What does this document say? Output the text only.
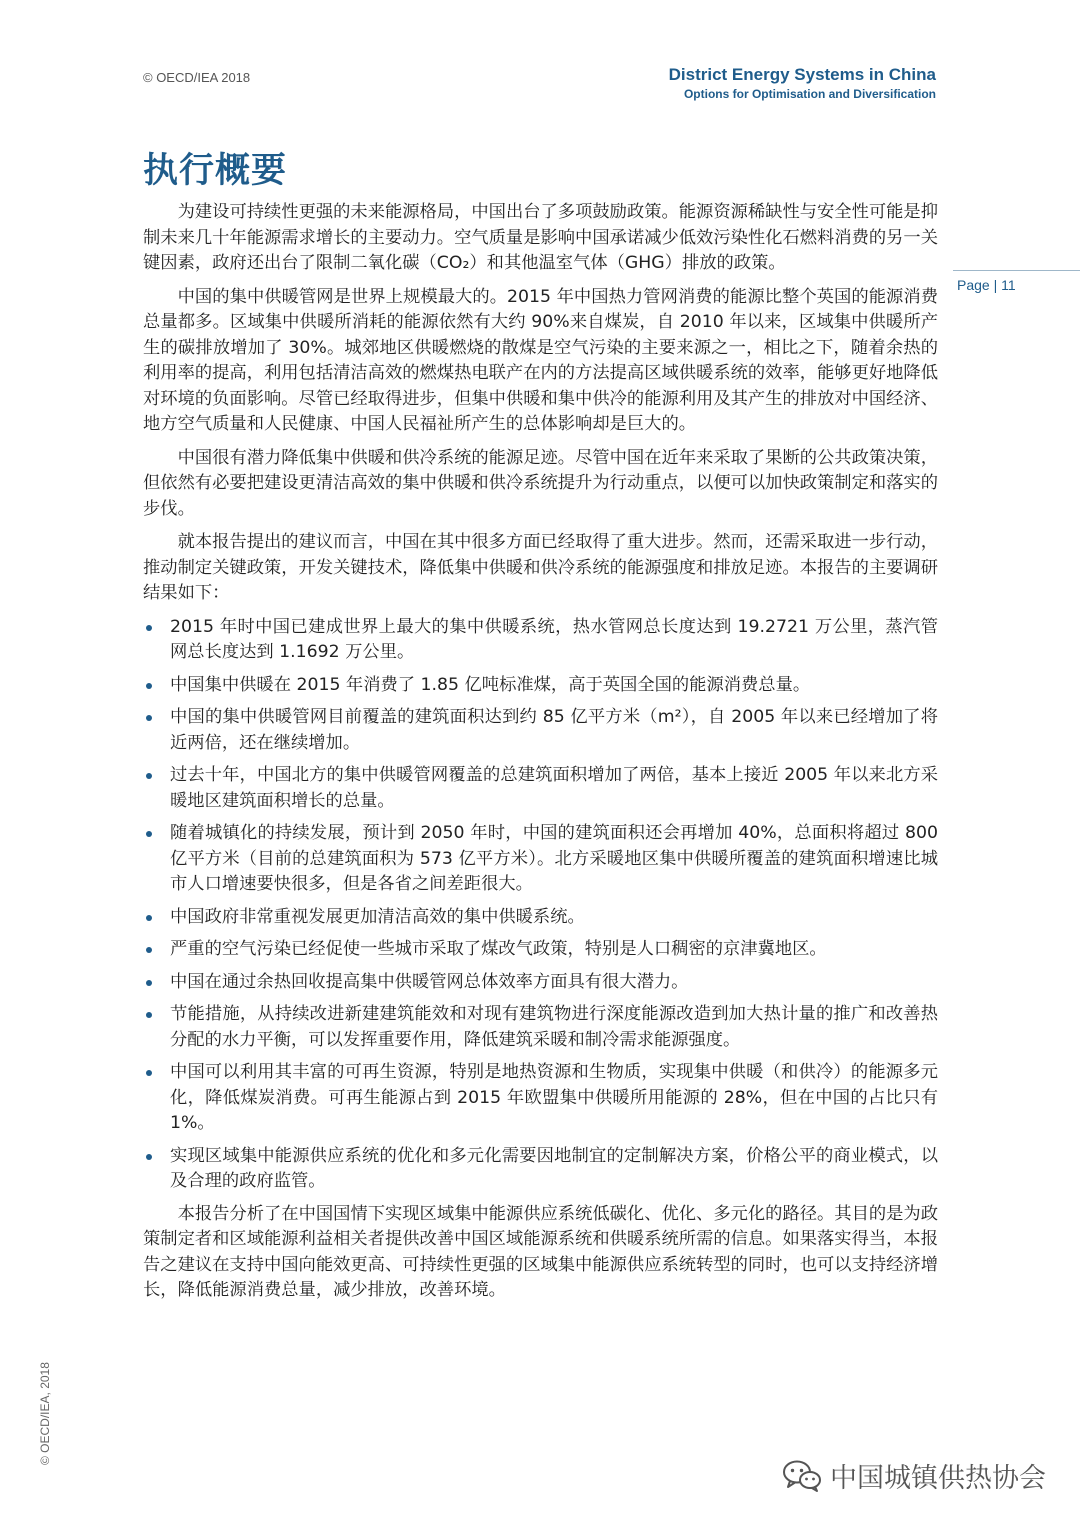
© OECD/IEA 2018	District Energy Systems in China
Options for Optimisation and Diversification
执行概要
Page | 11

为建设可持续性更强的未来能源格局，中国出台了多项鼓励政策。能源资源稀缺性与安全性可能是抑制未来几十年能源需求增长的主要动力。空气质量是影响中国承诺减少低效污染性化石燃料消费的另一关键因素，政府还出台了限制二氧化碳（CO₂）和其他温室气体（GHG）排放的政策。

中国的集中供暖管网是世界上规模最大的。2015 年中国热力管网消费的能源比整个英国的能源消费总量都多。区域集中供暖所消耗的能源依然有大约 90%来自煤炭，自 2010 年以来，区域集中供暖所产生的碳排放增加了 30%。城郊地区供暖燃烧的散煤是空气污染的主要来源之一，相比之下，随着余热的利用率的提高，利用包括清洁高效的燃煤热电联产在内的方法提高区域供暖系统的效率，能够更好地降低对环境的负面影响。尽管已经取得进步，但集中供暖和集中供冷的能源利用及其产生的排放对中国经济、地方空气质量和人民健康、中国人民福祉所产生的总体影响却是巨大的。

中国很有潜力降低集中供暖和供冷系统的能源足迹。尽管中国在近年来采取了果断的公共政策决策，但依然有必要把建设更清洁高效的集中供暖和供冷系统提升为行动重点，以便可以加快政策制定和落实的步伐。

就本报告提出的建议而言，中国在其中很多方面已经取得了重大进步。然而，还需采取进一步行动，推动制定关键政策，开发关键技术，降低集中供暖和供冷系统的能源强度和排放足迹。本报告的主要调研结果如下：

2015 年时中国已建成世界上最大的集中供暖系统，热水管网总长度达到 19.2721 万公里，蒸汽管网总长度达到 1.1692 万公里。
中国集中供暖在 2015 年消费了 1.85 亿吨标准煤，高于英国全国的能源消费总量。
中国的集中供暖管网目前覆盖的建筑面积达到约 85 亿平方米（m²），自 2005 年以来已经增加了将近两倍，还在继续增加。
过去十年，中国北方的集中供暖管网覆盖的总建筑面积增加了两倍，基本上接近 2005 年以来北方采暖地区建筑面积增长的总量。
随着城镇化的持续发展，预计到 2050 年时，中国的建筑面积还会再增加 40%，总面积将超过 800 亿平方米（目前的总建筑面积为 573 亿平方米）。北方采暖地区集中供暖所覆盖的建筑面积增速比城市人口增速要快很多，但是各省之间差距很大。
中国政府非常重视发展更加清洁高效的集中供暖系统。
严重的空气污染已经促使一些城市采取了煤改气政策，特别是人口稠密的京津冀地区。
中国在通过余热回收提高集中供暖管网总体效率方面具有很大潜力。
节能措施，从持续改进新建建筑能效和对现有建筑物进行深度能源改造到加大热计量的推广和改善热分配的水力平衡，可以发挥重要作用，降低建筑采暖和制冷需求能源强度。
中国可以利用其丰富的可再生资源，特别是地热资源和生物质，实现集中供暖（和供冷）的能源多元化，降低煤炭消费。可再生能源占到 2015 年欧盟集中供暖所用能源的 28%，但在中国的占比只有 1%。
实现区域集中能源供应系统的优化和多元化需要因地制宜的定制解决方案，价格公平的商业模式，以及合理的政府监管。

本报告分析了在中国国情下实现区域集中能源供应系统低碳化、优化、多元化的路径。其目的是为政策制定者和区域能源利益相关者提供改善中国区域能源系统和供暖系统所需的信息。如果落实得当，本报告之建议在支持中国向能效更高、可持续性更强的区域集中能源供应系统转型的同时，也可以支持经济增长，降低能源消费总量，减少排放，改善环境。

© OECD/IEA, 2018
中国城镇供热协会
